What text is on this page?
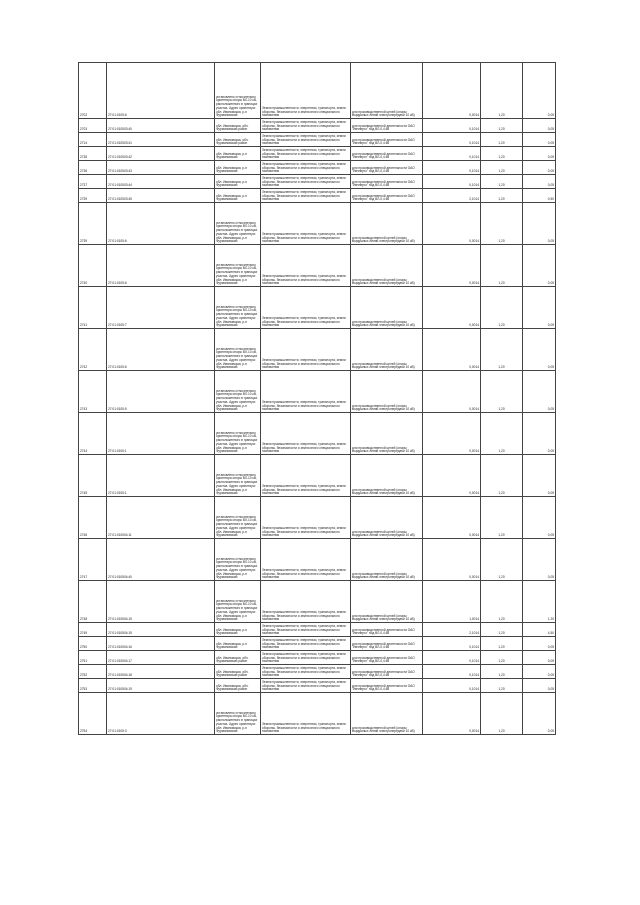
2702	27:01:0105:6	установлено относительно ориентира опоры ВЛ-10 кВ, расположенного в границах участка. Адрес ориентира: обл. Ивановская, р-н Фурмановский	Земли промышленности, энергетики, транспорта, земли обороны, безопасности и земли иного специального назначения	для производственной целей (опоры воздушных линий электропередачи 10 кВ)	0,0014	1,20	0,05
2703	27:01:010503:40	обл. Ивановская, обл. Фурмановский район	Земли промышленности, энергетики, транспорта, земли обороны, безопасности и земли иного специального назначения	для производственной деятельности ОАО "Ивэнерго" под ВЛ-0,4 кВ	0,1014	1,20	0,05
2714	27:01:010503:41	обл. Ивановская, обл. Фурмановский район	Земли промышленности, энергетики, транспорта, земли обороны, безопасности и земли иного специального назначения	для производственной деятельности ОАО "Ивэнерго" под ВЛ-0,4 кВ	0,1014	1,20	0,05
2735	27:01:010503:42	обл. Ивановская, р-н Фурмановский	Земли промышленности, энергетики, транспорта, земли обороны, безопасности и земли иного специального назначения	для производственной деятельности ОАО "Ивэнерго" под ВЛ-0,4 кВ	0,1014	1,20	0,05
2736	27:01:010503:43	обл. Ивановская, р-н Фурмановский	Земли промышленности, энергетики, транспорта, земли обороны, безопасности и земли иного специального назначения	для производственной деятельности ОАО "Ивэнерго" под ВЛ-0,4 кВ	0,1014	1,20	0,05
2737	27:01:010503:44	обл. Ивановская, р-н Фурмановский	Земли промышленности, энергетики, транспорта, земли обороны, безопасности и земли иного специального назначения	для производственной деятельности ОАО "Ивэнерго" под ВЛ-0,4 кВ	0,1014	1,20	0,05
2739	27:01:010503:45	обл. Ивановская, р-н Фурмановский	Земли промышленности, энергетики, транспорта, земли обороны, безопасности и земли иного специального назначения	для производственной деятельности ОАО "Ивэнерго" под ВЛ-0,4 кВ	2,1014	1,20	0,50
2739	27:01:0105:6	установлено относительно ориентира опоры ВЛ-10 кВ, расположенного в границах участка. Адрес ориентира: обл. Ивановская, р-н Фурмановский	Земли промышленности, энергетики, транспорта, земли обороны, безопасности и земли иного специального назначения	для производственной целей (опоры воздушных линий электропередачи 10 кВ)	0,0014	1,20	0,05
2740	27:01:0105:6	установлено относительно ориентира опоры ВЛ-10 кВ, расположенного в границах участка. Адрес ориентира: обл. Ивановская, р-н Фурмановский	Земли промышленности, энергетики, транспорта, земли обороны, безопасности и земли иного специального назначения	для производственной целей (опоры воздушных линий электропередачи 10 кВ)	0,0014	1,20	0,05
2741	27:01:0105:7	установлено относительно ориентира опоры ВЛ-10 кВ, расположенного в границах участка. Адрес ориентира: обл. Ивановская, р-н Фурмановский	Земли промышленности, энергетики, транспорта, земли обороны, безопасности и земли иного специального назначения	для производственной целей (опоры воздушных линий электропередачи 10 кВ)	0,0014	1,20	0,05
2742	27:01:0105:6	установлено относительно ориентира опоры ВЛ-10 кВ, расположенного в границах участка. Адрес ориентира: обл. Ивановская, р-н Фурмановский	Земли промышленности, энергетики, транспорта, земли обороны, безопасности и земли иного специального назначения	для производственной целей (опоры воздушных линий электропередачи 10 кВ)	0,0014	1,20	0,05
2743	27:01:0105:5	установлено относительно ориентира опоры ВЛ-10 кВ, расположенного в границах участка. Адрес ориентира: обл. Ивановская, р-н Фурмановский	Земли промышленности, энергетики, транспорта, земли обороны, безопасности и земли иного специального назначения	для производственной целей (опоры воздушных линий электропередачи 10 кВ)	0,0014	1,20	0,05
2744	27:01:0105:1	установлено относительно ориентира опоры ВЛ-10 кВ, расположенного в границах участка. Адрес ориентира: обл. Ивановская, р-н Фурмановский	Земли промышленности, энергетики, транспорта, земли обороны, безопасности и земли иного специального назначения	для производственной целей (опоры воздушных линий электропередачи 10 кВ)	0,0014	1,20	0,05
2745	27:01:0105:1	установлено относительно ориентира опоры ВЛ-10 кВ, расположенного в границах участка. Адрес ориентира: обл. Ивановская, р-н Фурмановский	Земли промышленности, энергетики, транспорта, земли обороны, безопасности и земли иного специального назначения	для производственной целей (опоры воздушных линий электропередачи 10 кВ)	0,0014	1,20	0,05
2746	27:01:010504:11	установлено относительно ориентира опоры ВЛ-10 кВ, расположенного в границах участка. Адрес ориентира: обл. Ивановская, р-н Фурмановский	Земли промышленности, энергетики, транспорта, земли обороны, безопасности и земли иного специального назначения	для производственной целей (опоры воздушных линий электропередачи 10 кВ)	0,0014	1,20	0,05
2747	27:01:010504:40	установлено относительно ориентира опоры ВЛ-10 кВ, расположенного в границах участка. Адрес ориентира: обл. Ивановская, р-н Фурмановский	Земли промышленности, энергетики, транспорта, земли обороны, безопасности и земли иного специального назначения	для производственной целей (опоры воздушных линий электропередачи 10 кВ)	0,0014	1,20	0,05
2748	27:01:010504:15	установлено относительно ориентира опоры ВЛ-10 кВ, расположенного в границах участка. Адрес ориентира: обл. Ивановская, р-н Фурмановский	Земли промышленности, энергетики, транспорта, земли обороны, безопасности и земли иного специального назначения	для производственной целей (опоры воздушных линий электропередачи 10 кВ)	1,0014	1,20	1,20
2749	27:01:010504:15	обл. Ивановская, р-н Фурмановский	Земли промышленности, энергетики, транспорта, земли обороны, безопасности и земли иного специального назначения	для производственной деятельности ОАО "Ивэнерго" под ВЛ-0,4 кВ	2,1014	1,20	4,50
2750	27:01:010504:16	обл. Ивановская, р-н Фурмановский	Земли промышленности, энергетики, транспорта, земли обороны, безопасности и земли иного специального назначения	для производственной деятельности ОАО "Ивэнерго" под ВЛ-0,4 кВ	0,1014	1,20	0,05
2751	27:01:010504:17	обл. Ивановская, обл. Фурмановский район	Земли промышленности, энергетики, транспорта, земли обороны, безопасности и земли иного специального назначения	для производственной деятельности ОАО "Ивэнерго" под ВЛ-0,4 кВ	0,1014	1,20	0,05
2752	27:01:010504:18	обл. Ивановская, обл. Фурмановский район	Земли промышленности, энергетики, транспорта, земли обороны, безопасности и земли иного специального назначения	для производственной деятельности ОАО "Ивэнерго" под ВЛ-0,4 кВ	0,1014	1,20	0,05
2753	27:01:010504:19	обл. Ивановская, обл. Фурмановский район	Земли промышленности, энергетики, транспорта, земли обороны, безопасности и земли иного специального назначения	для производственной деятельности ОАО "Ивэнерго" под ВЛ-0,4 кВ	0,1014	1,20	0,05
2754	27:01:0105:3	установлено относительно ориентира опоры ВЛ-10 кВ, расположенного в границах участка. Адрес ориентира: обл. Ивановская, р-н Фурмановский	Земли промышленности, энергетики, транспорта, земли обороны, безопасности и земли иного специального назначения	для производственной целей (опоры воздушных линий электропередачи 10 кВ)	0,0014	1,20	0,05
